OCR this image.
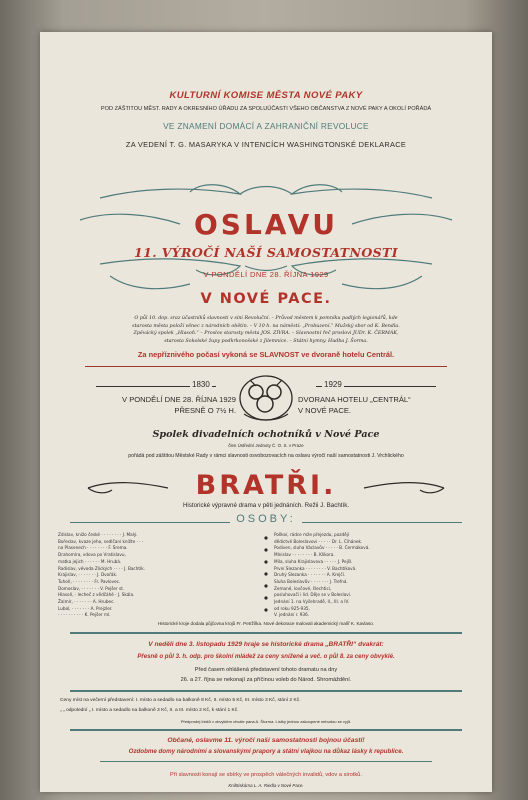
KULTURNÍ KOMISE MĚSTA NOVÉ PAKY
POD ZÁŠTITOU MĚST. RADY A OKRESNÍHO ÚŘADU ZA SPOLUÚČASTI VŠEHO OBČANSTVA Z NOVÉ PAKY A OKOLÍ POŘÁDÁ
VE ZNAMENÍ DOMÁCÍ A ZAHRANIČNÍ REVOLUCE
ZA VEDENÍ T. G. MASARYKA V INTENCÍCH WASHINGTONSKÉ DEKLARACE
OSLAVU
11. VÝROČÍ NAŠÍ SAMOSTATNOSTI
V PONDĚLÍ DNE 28. ŘÍJNA 1929
V NOVÉ PACE.
O půl 10. dop. sraz účastníků slavnosti v síni Revoluční. – Průvod městem k pomníku padlých legionářů, kde
starosta města položí věnec z národních obětin. – V 10 h. na náměstí: „Probuzení.“ Mužský sbor od K. Bendla.
Zpěvácký spolek „Hlasoň.“ – Proslov starosty města JOS. ZÍVRA. – Slavnostní řeč proslovi JUDr. K. ČERMÁK,
starosta Sokolské župy podkrkonošské z Jilemnice. – Státní hymny. Hudba J. Šorma.
Za nepříznivého počasí vykoná se SLAVNOST ve dvoraně hotelu Centrál.
1830	1929
V PONDĚLÍ DNE 28. ŘÍJNA 1929
PŘESNĚ O 7½ H.
DVORANA HOTELU „CENTRÁL“
V NOVÉ PACE.
Spolek divadelních ochotníků v Nové Pace
člen Ústřední Jednoty Č. O. S. v Praze
pořádá pod záštitou Městské Rady v rámci slavnosti osvobozovacích na oslavu výročí naší samostatnosti J. Vrchlického
BRATŘI.
Historické výpravné drama v pěti jednáních. Režii J. Bachtík.
OSOBY:
Zdislav, knížo české · · · · · · · · J. Malý.
Bořeslav, kvaze jeho, sedlčaní knížte · · ·
na Plasenech · · · · · · · · F. Šrema.
Drahomíra, vdova po Vratislavu,
matka jejich · · · · · · M. Hrubá.
Radislav, vévoda Zlických · · · · J. Bachtík.
Krajislav, · · · · · · · J. Dvořák.
Tuhoň, · · · · · · · · Fr. Pavlovec.
Domoslav, · · · · · · · V. Pejšer st.
Hlasoň, · lecheč z vědčáhé · J. Skála.
Žalmír, · · · · · · · A. Hrubec.
Lubol, · · · · · · · A. Prejzler.
· · · · · · · · · · K. Pejšer ml.
Pollkoí, rádce mže přejezdu, pozdějí
dědictvé Boleslavovi · · · · · Dr. L. Čihánek.
Podiven, sluha Václavův · · · · · B. Čermáková.
Mlnislav · · · · · · · · B. Klíkora.
Mila, sluha Krajislavova · · · · · J. Pejšl.
První Slezanka · · · · · · · · V. Bachtíková.
Druhý Slezanka · · · · · · · A. Krejčí.
Sluha Boleslavův · · · · · · · J. Trefná.
Zemané, lovčové, šlechtici,
posluhovači i lid. Děje se v Boleslavi.
Jednání 1. na Vyšehradě, II., III. a IV.
od roku 925-935,
V. jednání r. 936.
Historické kroje dodala půjčovna krojů Fr. Petržílka. Nové dekorace malovali akademický malíř K. Kavlaso.
V neděli dne 3. listopadu 1929 hraje se historické drama „BRATŘI“ dvakrát:
Přesně o půl 3. h. odp. pro školní mládež za ceny snížené a več. o půl 8. za ceny obvyklé.
Před časem ohlášená představení tohoto dramatu na dny
26. a 27. října se nekonají za příčinou voleb do Národ. Shromáždění.
Ceny míst na večerní představení: I. místo a sedadlo na balkoně 8 Kč, II. místo 5 Kč, III. místo 3 Kč, stání 2 Kč.
„ „ odpolední „ I. místo a sedadlo na balkoně 3 Kč, II. a III. místo 2 Kč, k stání 1 Kč.
Předprodej lístků v obvyklém chvále pana A. Šturma. Lístky jednou zakoupené nebudou se vyjít.
Občané, oslavme 11. výročí naší samostatnosti bojnou účastí!
Ozdobme domy národními a slovanskými prapory a státní vlajkou na důkaz lásky k republice.
Při slavnosti konají se sbírky ve prospěch válečných invalidů, vdov a sirotků.
Knihtiskárna L. A. Riedla v Nové Pace.
